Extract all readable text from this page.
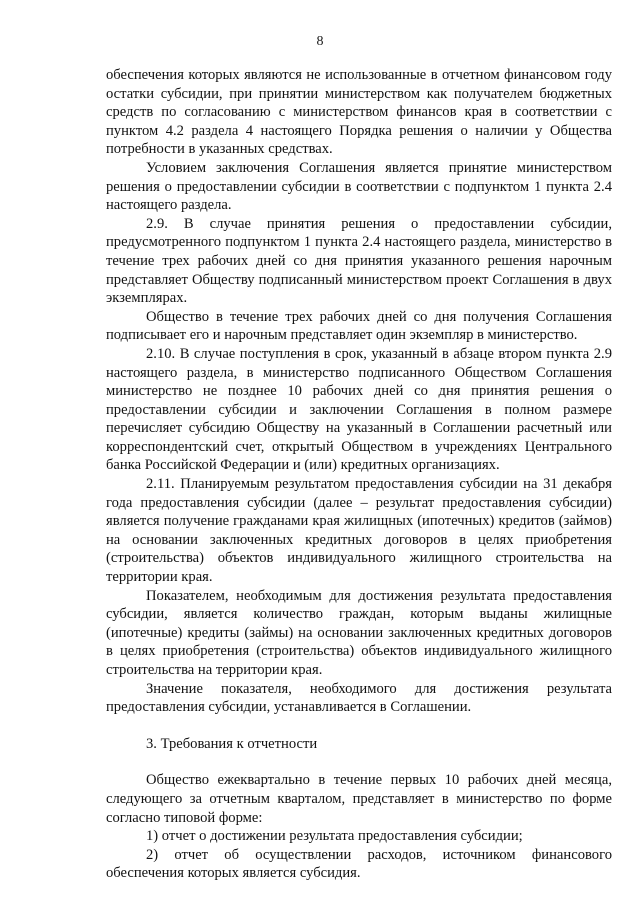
8

обеспечения которых являются не использованные в отчетном финансовом году остатки субсидии, при принятии министерством как получателем бюджетных средств по согласованию с министерством финансов края в соответствии с пунктом 4.2 раздела 4 настоящего Порядка решения о наличии у Общества потребности в указанных средствах.

Условием заключения Соглашения является принятие министерством решения о предоставлении субсидии в соответствии с подпунктом 1 пункта 2.4 настоящего раздела.

2.9. В случае принятия решения о предоставлении субсидии, предусмотренного подпунктом 1 пункта 2.4 настоящего раздела, министерство в течение трех рабочих дней со дня принятия указанного решения нарочным представляет Обществу подписанный министерством проект Соглашения в двух экземплярах.

Общество в течение трех рабочих дней со дня получения Соглашения подписывает его и нарочным представляет один экземпляр в министерство.

2.10. В случае поступления в срок, указанный в абзаце втором пункта 2.9 настоящего раздела, в министерство подписанного Обществом Соглашения министерство не позднее 10 рабочих дней со дня принятия решения о предоставлении субсидии и заключении Соглашения в полном размере перечисляет субсидию Обществу на указанный в Соглашении расчетный или корреспондентский счет, открытый Обществом в учреждениях Центрального банка Российской Федерации и (или) кредитных организациях.

2.11. Планируемым результатом предоставления субсидии на 31 декабря года предоставления субсидии (далее – результат предоставления субсидии) является получение гражданами края жилищных (ипотечных) кредитов (займов) на основании заключенных кредитных договоров в целях приобретения (строительства) объектов индивидуального жилищного строительства на территории края.

Показателем, необходимым для достижения результата предоставления субсидии, является количество граждан, которым выданы жилищные (ипотечные) кредиты (займы) на основании заключенных кредитных договоров в целях приобретения (строительства) объектов индивидуального жилищного строительства на территории края.

Значение показателя, необходимого для достижения результата предоставления субсидии, устанавливается в Соглашении.

3. Требования к отчетности

Общество ежеквартально в течение первых 10 рабочих дней месяца, следующего за отчетным кварталом, представляет в министерство по форме согласно типовой форме:

1) отчет о достижении результата предоставления субсидии;

2) отчет об осуществлении расходов, источником финансового обеспечения которых является субсидия.
